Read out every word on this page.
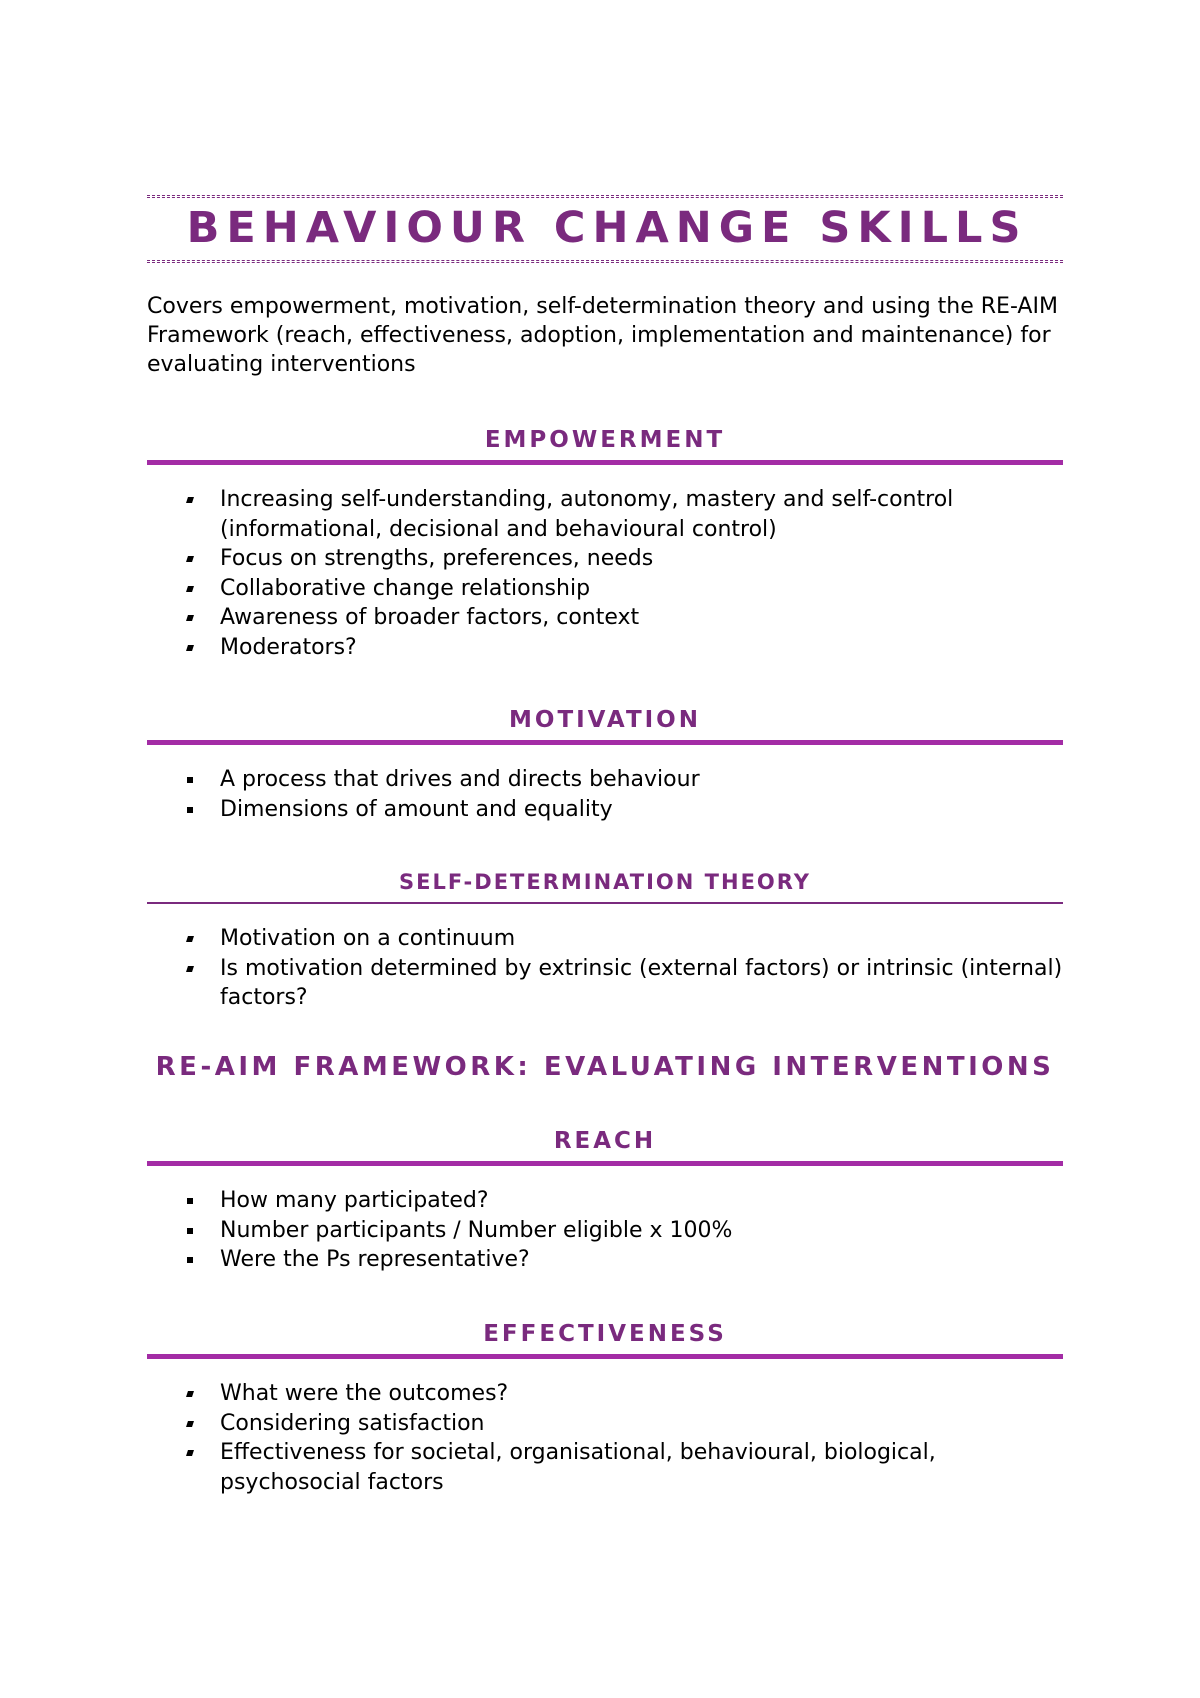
BEHAVIOUR CHANGE SKILLS

Covers empowerment, motivation, self-determination theory and using the RE-AIM Framework (reach, effectiveness, adoption, implementation and maintenance) for evaluating interventions

EMPOWERMENT
Increasing self-understanding, autonomy, mastery and self-control (informational, decisional and behavioural control)
Focus on strengths, preferences, needs
Collaborative change relationship
Awareness of broader factors, context
Moderators?
MOTIVATION
A process that drives and directs behaviour
Dimensions of amount and equality
SELF-DETERMINATION THEORY
Motivation on a continuum
Is motivation determined by extrinsic (external factors) or intrinsic (internal) factors?
RE-AIM FRAMEWORK: EVALUATING INTERVENTIONS
REACH
How many participated?
Number participants / Number eligible x 100%
Were the Ps representative?
EFFECTIVENESS
What were the outcomes?
Considering satisfaction
Effectiveness for societal, organisational, behavioural, biological, psychosocial factors
